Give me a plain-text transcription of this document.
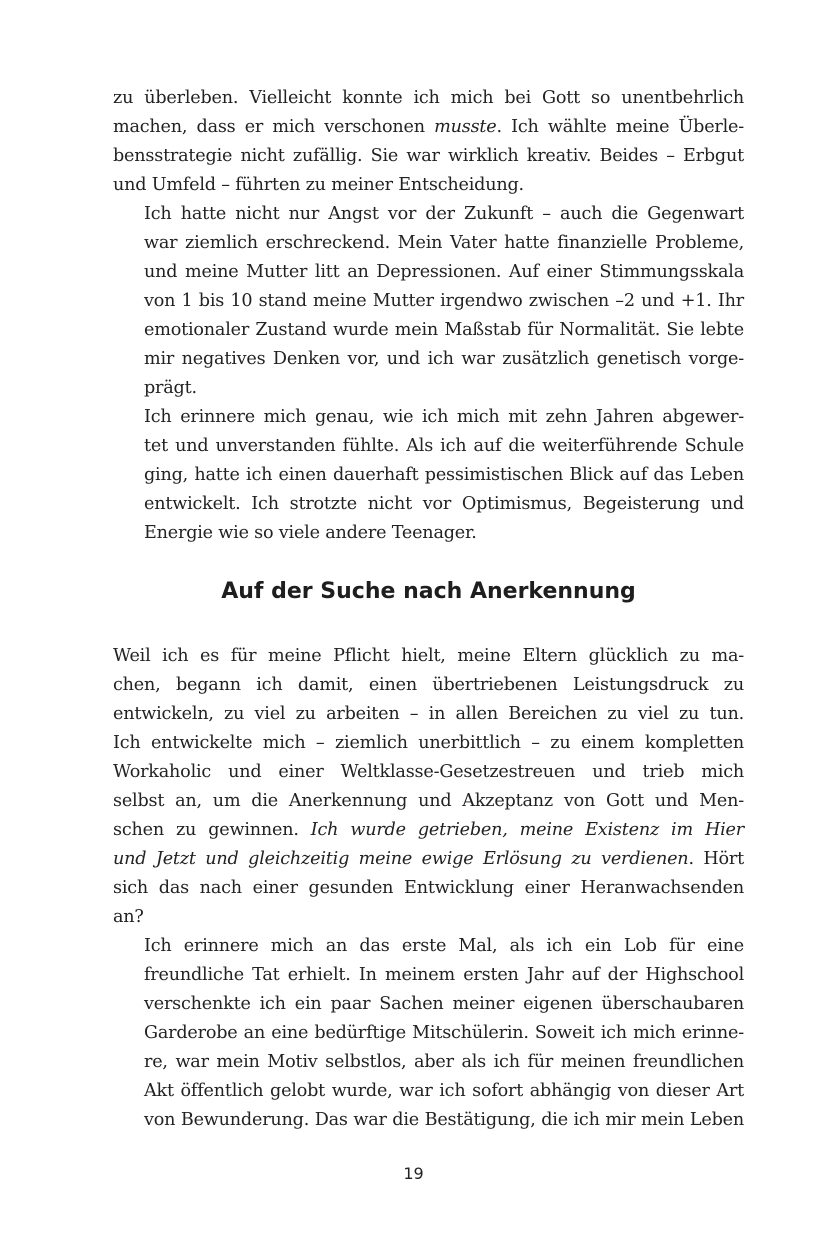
zu überleben. Vielleicht konnte ich mich bei Gott so unentbehrlich
machen, dass er mich verschonen musste. Ich wählte meine Überle-
bensstrategie nicht zufällig. Sie war wirklich kreativ. Beides – Erbgut
und Umfeld – führten zu meiner Entscheidung.

Ich hatte nicht nur Angst vor der Zukunft – auch die Gegenwart
war ziemlich erschreckend. Mein Vater hatte finanzielle Probleme,
und meine Mutter litt an Depressionen. Auf einer Stimmungsskala
von 1 bis 10 stand meine Mutter irgendwo zwischen –2 und +1. Ihr
emotionaler Zustand wurde mein Maßstab für Normalität. Sie lebte
mir negatives Denken vor, und ich war zusätzlich genetisch vorge-
prägt.

Ich erinnere mich genau, wie ich mich mit zehn Jahren abgewer-
tet und unverstanden fühlte. Als ich auf die weiterführende Schule
ging, hatte ich einen dauerhaft pessimistischen Blick auf das Leben
entwickelt. Ich strotzte nicht vor Optimismus, Begeisterung und
Energie wie so viele andere Teenager.

Auf der Suche nach Anerkennung

Weil ich es für meine Pflicht hielt, meine Eltern glücklich zu ma-
chen, begann ich damit, einen übertriebenen Leistungsdruck zu
entwickeln, zu viel zu arbeiten – in allen Bereichen zu viel zu tun.
Ich entwickelte mich – ziemlich unerbittlich – zu einem kompletten
Workaholic und einer Weltklasse-Gesetzestreuen und trieb mich
selbst an, um die Anerkennung und Akzeptanz von Gott und Men-
schen zu gewinnen. Ich wurde getrieben, meine Existenz im Hier
und Jetzt und gleichzeitig meine ewige Erlösung zu verdienen. Hört
sich das nach einer gesunden Entwicklung einer Heranwachsenden
an?

Ich erinnere mich an das erste Mal, als ich ein Lob für eine
freundliche Tat erhielt. In meinem ersten Jahr auf der Highschool
verschenkte ich ein paar Sachen meiner eigenen überschaubaren
Garderobe an eine bedürftige Mitschülerin. Soweit ich mich erinne-
re, war mein Motiv selbstlos, aber als ich für meinen freundlichen
Akt öffentlich gelobt wurde, war ich sofort abhängig von dieser Art
von Bewunderung. Das war die Bestätigung, die ich mir mein Leben

19
